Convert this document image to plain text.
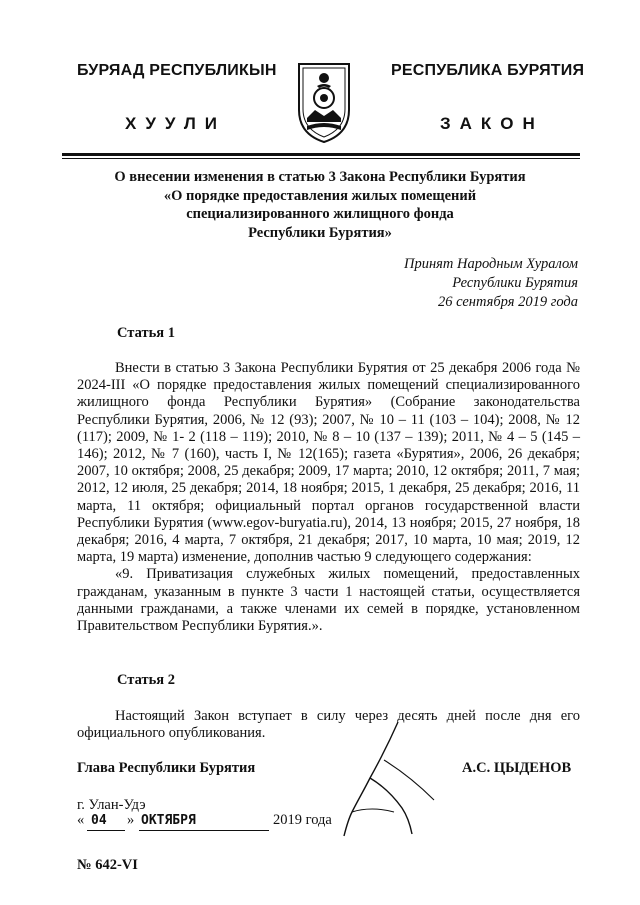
БУРЯАД РЕСПУБЛИКЫН	РЕСПУБЛИКА БУРЯТИЯ
ХУУЛИ	ЗАКОН
О внесении изменения в статью 3 Закона Республики Бурятия
«О порядке предоставления жилых помещений
специализированного жилищного фонда
Республики Бурятия»
Принят Народным Хуралом
Республики Бурятия
26 сентября 2019 года
Статья 1

Внести в статью 3 Закона Республики Бурятия от 25 декабря 2006 года № 2024-III «О порядке предоставления жилых помещений специализированного жилищного фонда Республики Бурятия» (Собрание законодательства Республики Бурятия, 2006, № 12 (93); 2007, № 10 – 11 (103 – 104); 2008, № 12 (117); 2009, № 1- 2 (118 – 119); 2010, № 8 – 10 (137 – 139); 2011, № 4 – 5 (145 – 146); 2012, № 7 (160), часть I, № 12(165); газета «Бурятия», 2006, 26 декабря; 2007, 10 октября; 2008, 25 декабря; 2009, 17 марта; 2010, 12 октября; 2011, 7 мая; 2012, 12 июля, 25 декабря; 2014, 18 ноября; 2015, 1 декабря, 25 декабря; 2016, 11 марта, 11 октября; официальный портал органов государственной власти Республики Бурятия (www.egov-buryatia.ru), 2014, 13 ноября; 2015, 27 ноября, 18 декабря; 2016, 4 марта, 7 октября, 21 декабря; 2017, 10 марта, 10 мая; 2019, 12 марта, 19 марта) изменение, дополнив частью 9 следующего содержания:

«9. Приватизация служебных жилых помещений, предоставленных гражданам, указанным в пункте 3 части 1 настоящей статьи, осуществляется данными гражданами, а также членами их семей в порядке, установленном Правительством Республики Бурятия.».

Статья 2

Настоящий Закон вступает в силу через десять дней после дня его официального опубликования.

Глава Республики Бурятия	А.С. ЦЫДЕНОВ
г. Улан-Удэ
« 04 » ОКТЯБРЯ	2019 года
№ 642-VI
